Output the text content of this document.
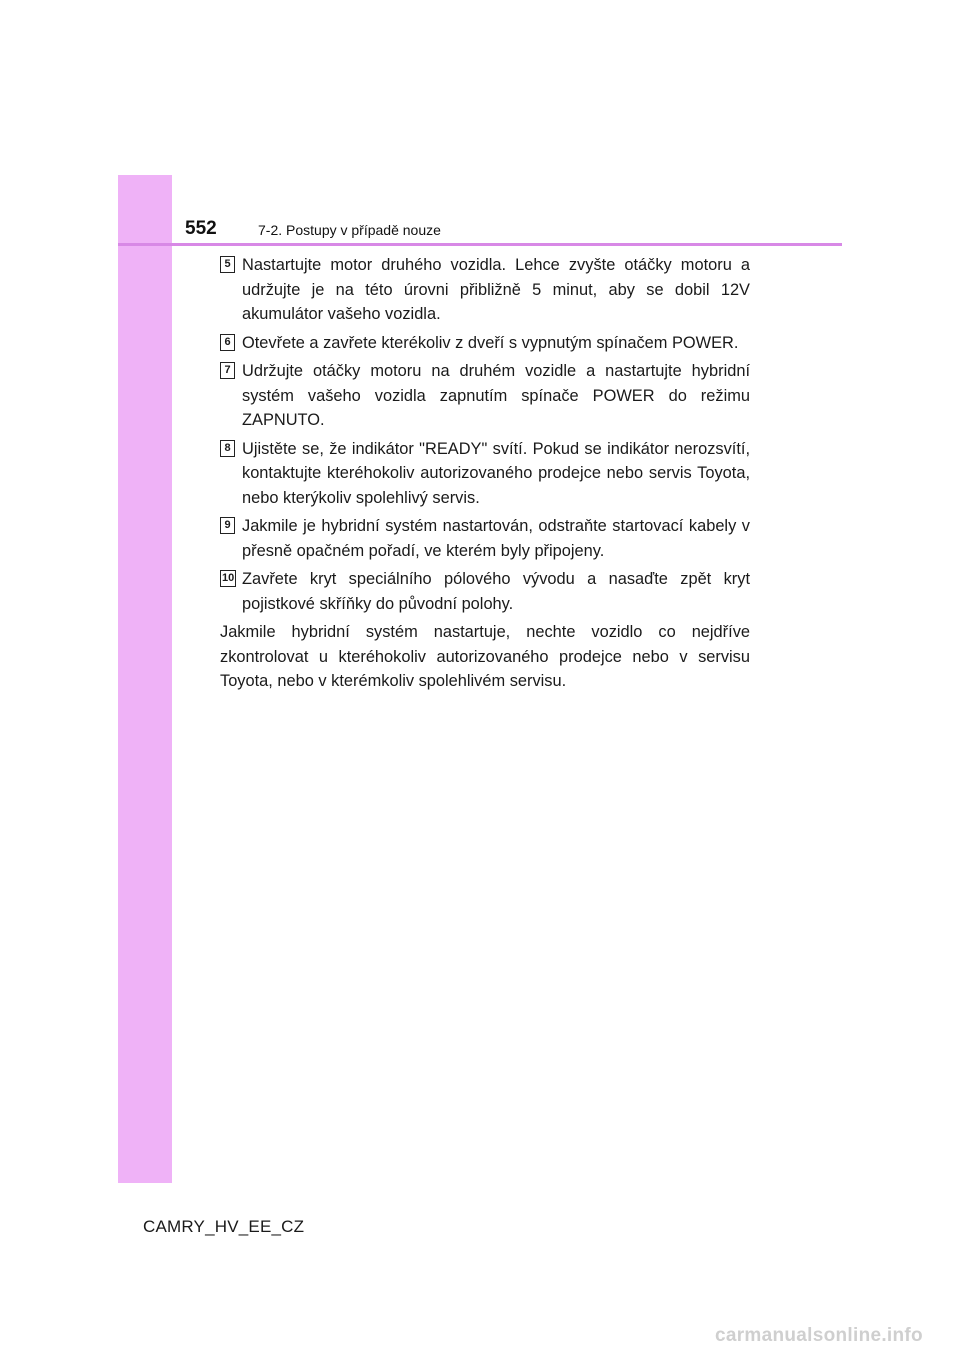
552	7-2. Postupy v případě nouze
5 Nastartujte motor druhého vozidla. Lehce zvyšte otáčky motoru a udržujte je na této úrovni přibližně 5 minut, aby se dobil 12V akumulátor vašeho vozidla.
6 Otevřete a zavřete kterékoliv z dveří s vypnutým spínačem POWER.
7 Udržujte otáčky motoru na druhém vozidle a nastartujte hybridní systém vašeho vozidla zapnutím spínače POWER do režimu ZAPNUTO.
8 Ujistěte se, že indikátor "READY" svítí. Pokud se indikátor nerozsvítí, kontaktujte kteréhokoliv autorizovaného prodejce nebo servis Toyota, nebo kterýkoliv spolehlivý servis.
9 Jakmile je hybridní systém nastartován, odstraňte startovací kabely v přesně opačném pořadí, ve kterém byly připojeny.
10 Zavřete kryt speciálního pólového vývodu a nasaďte zpět kryt pojistkové skříňky do původní polohy.
Jakmile hybridní systém nastartuje, nechte vozidlo co nejdříve zkontrolovat u kteréhokoliv autorizovaného prodejce nebo v servisu Toyota, nebo v kterémkoliv spolehlivém servisu.
CAMRY_HV_EE_CZ
carmanualsonline.info
